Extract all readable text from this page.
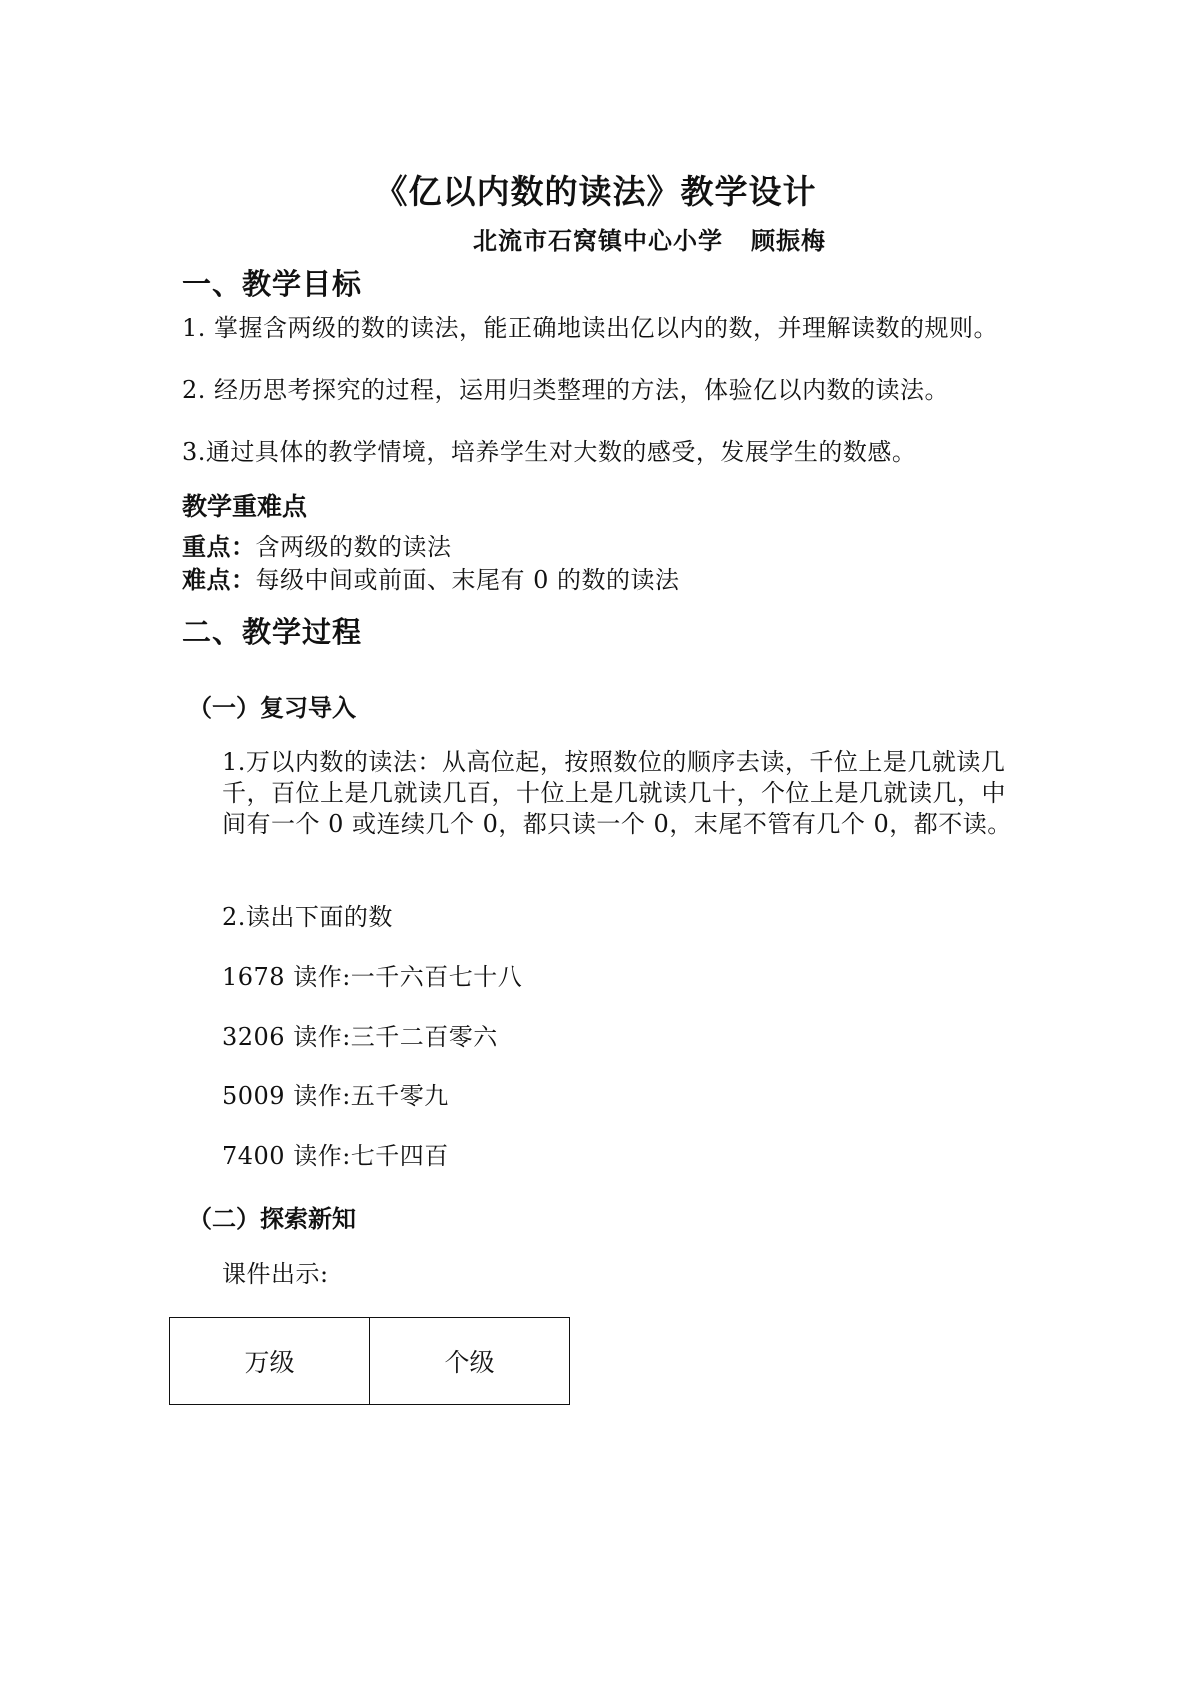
《亿以内数的读法》教学设计
北流市石窝镇中心小学 顾振梅
一、教学目标
1. 掌握含两级的数的读法，能正确地读出亿以内的数，并理解读数的规则。
2. 经历思考探究的过程，运用归类整理的方法，体验亿以内数的读法。
3.通过具体的教学情境，培养学生对大数的感受，发展学生的数感。
教学重难点
重点：含两级的数的读法
难点：每级中间或前面、末尾有 0 的数的读法
二、教学过程
（一）复习导入
1.万以内数的读法：从高位起，按照数位的顺序去读，千位上是几就读几千，百位上是几就读几百，十位上是几就读几十，个位上是几就读几，中间有一个 0 或连续几个 0，都只读一个 0，末尾不管有几个 0，都不读。
2.读出下面的数
1678 读作:一千六百七十八
3206 读作:三千二百零六
5009 读作:五千零九
7400 读作:七千四百
（二）探索新知
课件出示:
万级	个级
